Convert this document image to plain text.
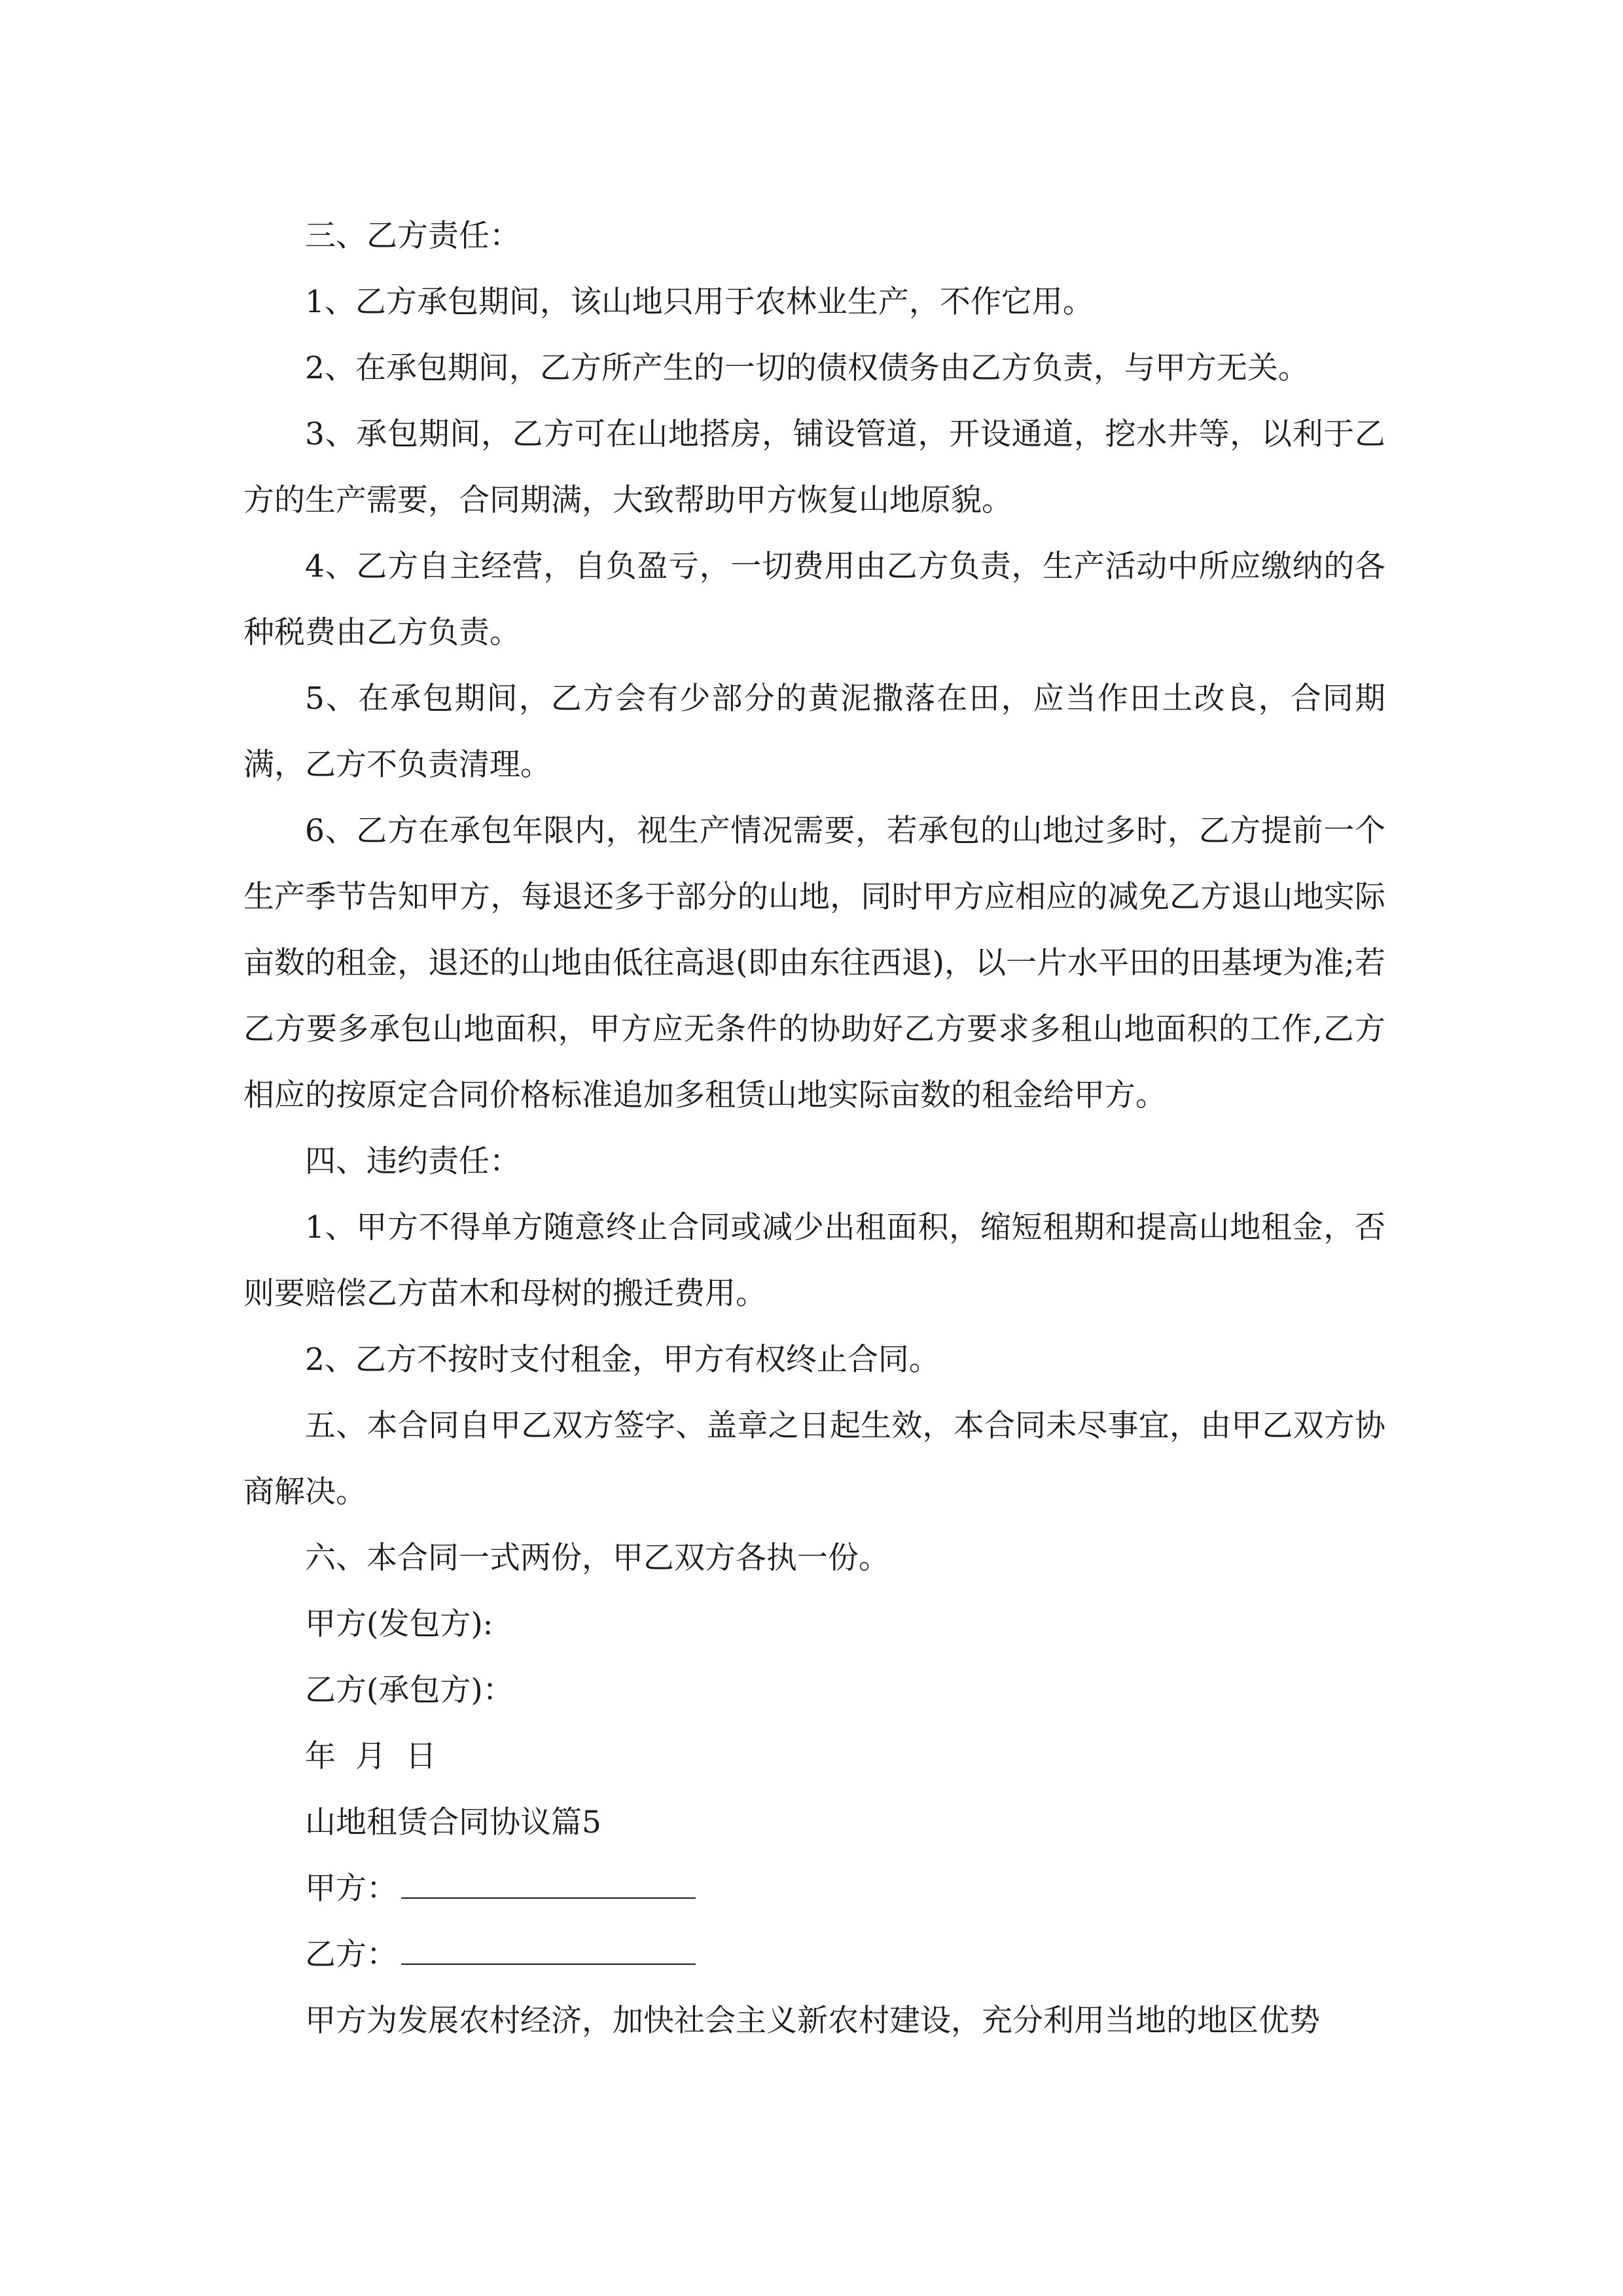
三、乙方责任：

1、乙方承包期间，该山地只用于农林业生产，不作它用。

2、在承包期间，乙方所产生的一切的债权债务由乙方负责，与甲方无关。

3、承包期间，乙方可在山地搭房，铺设管道，开设通道，挖水井等，以利于乙方的生产需要，合同期满，大致帮助甲方恢复山地原貌。

4、乙方自主经营，自负盈亏，一切费用由乙方负责，生产活动中所应缴纳的各种税费由乙方负责。

5、在承包期间，乙方会有少部分的黄泥撒落在田，应当作田土改良，合同期满，乙方不负责清理。

6、乙方在承包年限内，视生产情况需要，若承包的山地过多时，乙方提前一个生产季节告知甲方，每退还多于部分的山地，同时甲方应相应的减免乙方退山地实际亩数的租金，退还的山地由低往高退(即由东往西退)，以一片水平田的田基埂为准;若乙方要多承包山地面积，甲方应无条件的协助好乙方要求多租山地面积的工作,乙方相应的按原定合同价格标准追加多租赁山地实际亩数的租金给甲方。

四、违约责任：

1、甲方不得单方随意终止合同或减少出租面积，缩短租期和提高山地租金，否则要赔偿乙方苗木和母树的搬迁费用。

2、乙方不按时支付租金，甲方有权终止合同。

五、本合同自甲乙双方签字、盖章之日起生效，本合同未尽事宜，由甲乙双方协商解决。

六、本合同一式两份，甲乙双方各执一份。

甲方(发包方):

乙方(承包方)：

年  月  日

山地租赁合同协议篇5

甲方：

乙方：

甲方为发展农村经济，加快社会主义新农村建设，充分利用当地的地区优势
